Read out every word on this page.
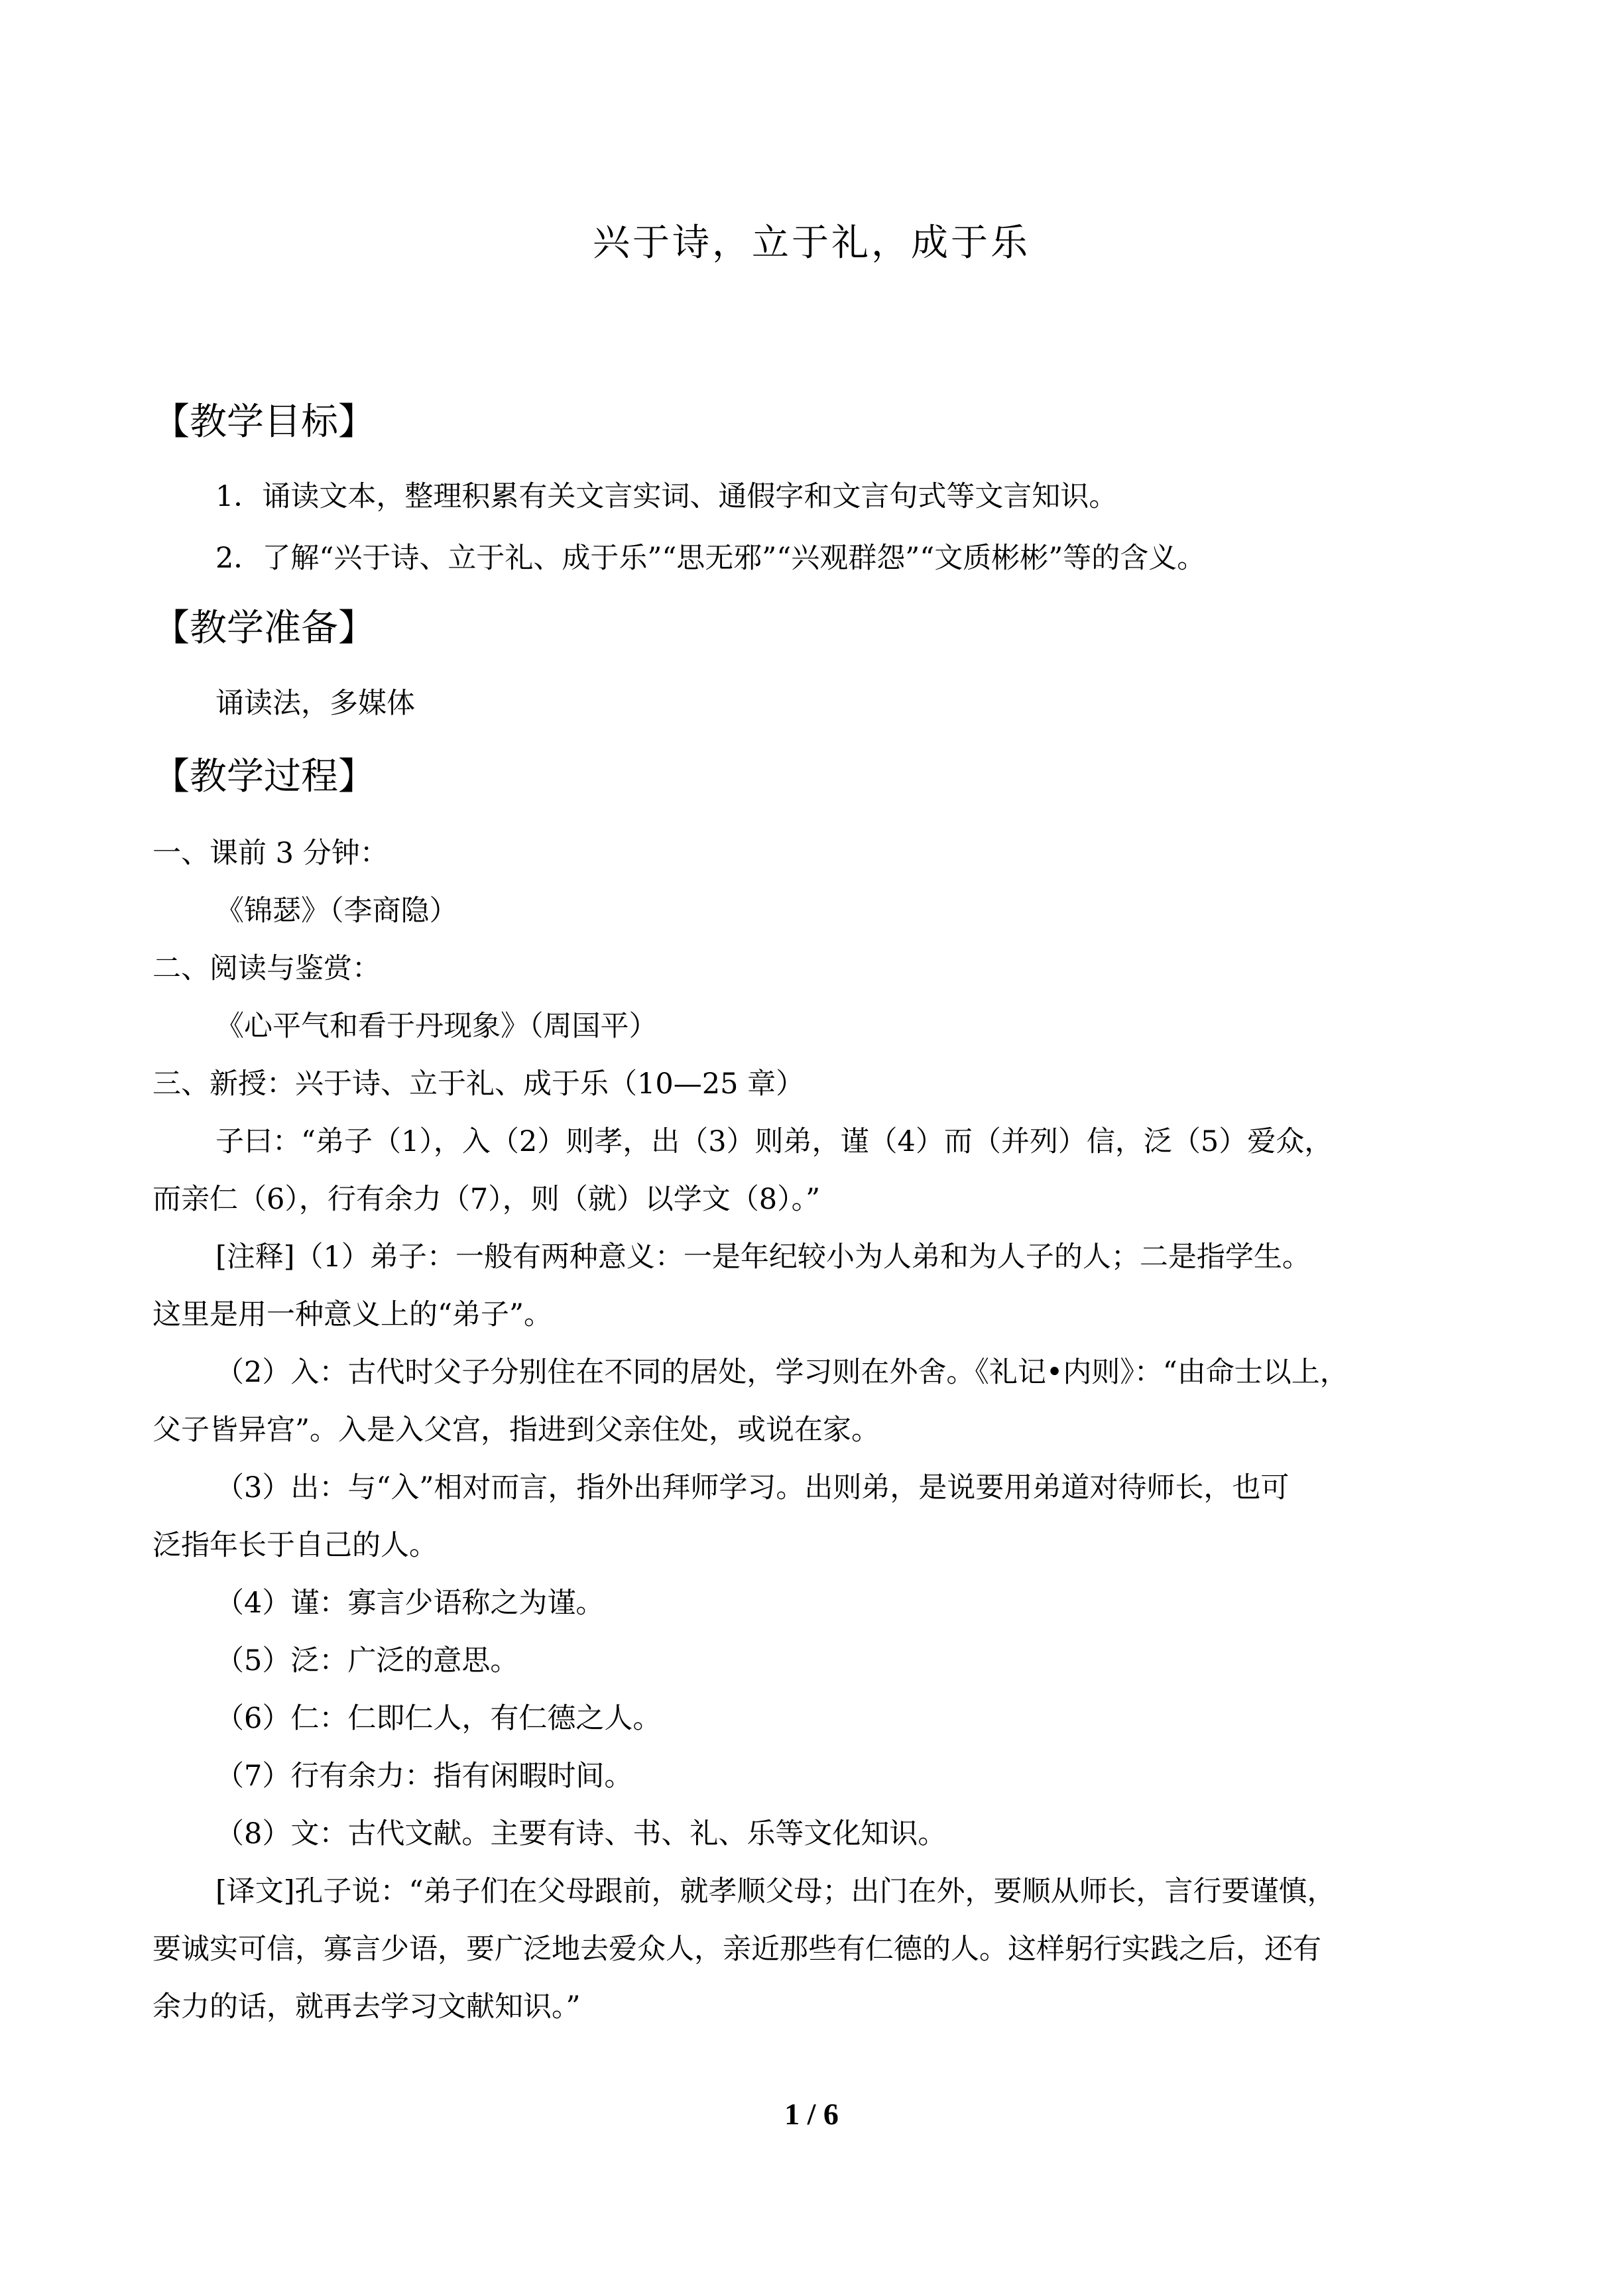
兴于诗，立于礼，成于乐
【教学目标】
1．诵读文本，整理积累有关文言实词、通假字和文言句式等文言知识。
2．了解“兴于诗、立于礼、成于乐”“思无邪”“兴观群怨”“文质彬彬”等的含义。
【教学准备】
诵读法，多媒体
【教学过程】
一、课前 3 分钟：
《锦瑟》（李商隐）
二、阅读与鉴赏：
《心平气和看于丹现象》（周国平）
三、新授：兴于诗、立于礼、成于乐（10—25 章）
子曰：“弟子（1），入（2）则孝，出（3）则弟，谨（4）而（并列）信，泛（5）爱众，
而亲仁（6），行有余力（7），则（就）以学文（8）。”
[注释]（1）弟子：一般有两种意义：一是年纪较小为人弟和为人子的人；二是指学生。
这里是用一种意义上的“弟子”。
（2）入：古代时父子分别住在不同的居处，学习则在外舍。《礼记•内则》：“由命士以上，
父子皆异宫”。入是入父宫，指进到父亲住处，或说在家。
（3）出：与“入”相对而言，指外出拜师学习。出则弟，是说要用弟道对待师长，也可
泛指年长于自己的人。
（4）谨：寡言少语称之为谨。
（5）泛：广泛的意思。
（6）仁：仁即仁人，有仁德之人。
（7）行有余力：指有闲暇时间。
（8）文：古代文献。主要有诗、书、礼、乐等文化知识。
[译文]孔子说：“弟子们在父母跟前，就孝顺父母；出门在外，要顺从师长，言行要谨慎，
要诚实可信，寡言少语，要广泛地去爱众人，亲近那些有仁德的人。这样躬行实践之后，还有
余力的话，就再去学习文献知识。”
1 / 6
